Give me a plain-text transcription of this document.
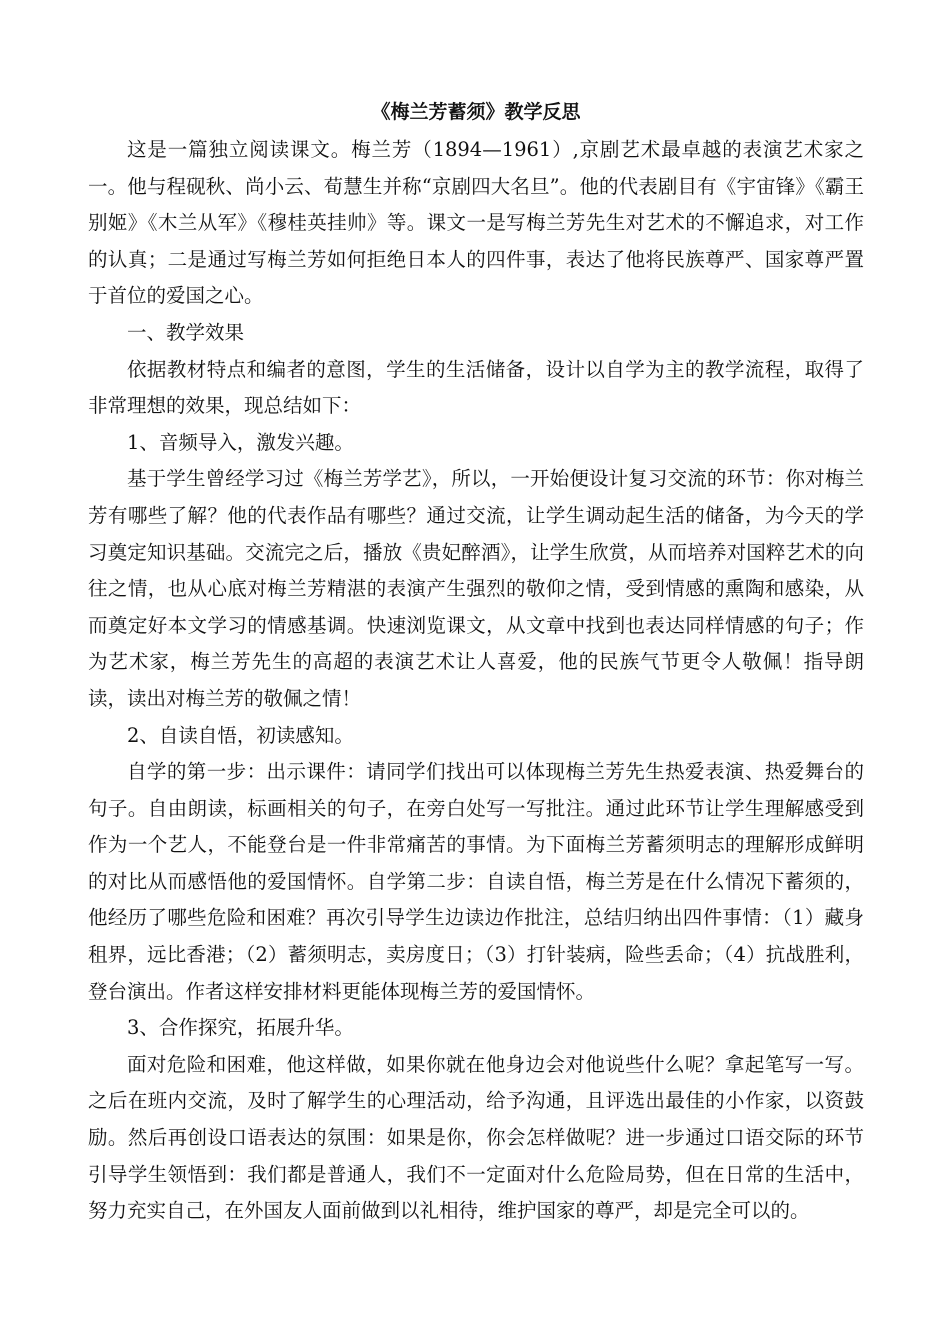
《梅兰芳蓄须》教学反思

这是一篇独立阅读课文。梅兰芳（1894—1961）,京剧艺术最卓越的表演艺术家之一。他与程砚秋、尚小云、荀慧生并称“京剧四大名旦”。他的代表剧目有《宇宙锋》《霸王别姬》《木兰从军》《穆桂英挂帅》等。课文一是写梅兰芳先生对艺术的不懈追求，对工作的认真；二是通过写梅兰芳如何拒绝日本人的四件事，表达了他将民族尊严、国家尊严置于首位的爱国之心。

一、教学效果

依据教材特点和编者的意图，学生的生活储备，设计以自学为主的教学流程，取得了非常理想的效果，现总结如下：

1、音频导入，激发兴趣。

基于学生曾经学习过《梅兰芳学艺》，所以，一开始便设计复习交流的环节：你对梅兰芳有哪些了解？他的代表作品有哪些？通过交流，让学生调动起生活的储备，为今天的学习奠定知识基础。交流完之后，播放《贵妃醉酒》，让学生欣赏，从而培养对国粹艺术的向往之情，也从心底对梅兰芳精湛的表演产生强烈的敬仰之情，受到情感的熏陶和感染，从而奠定好本文学习的情感基调。快速浏览课文，从文章中找到也表达同样情感的句子；作为艺术家，梅兰芳先生的高超的表演艺术让人喜爱，他的民族气节更令人敬佩！指导朗读，读出对梅兰芳的敬佩之情！

2、自读自悟，初读感知。

自学的第一步：出示课件：请同学们找出可以体现梅兰芳先生热爱表演、热爱舞台的句子。自由朗读，标画相关的句子，在旁白处写一写批注。通过此环节让学生理解感受到作为一个艺人，不能登台是一件非常痛苦的事情。为下面梅兰芳蓄须明志的理解形成鲜明的对比从而感悟他的爱国情怀。自学第二步：自读自悟，梅兰芳是在什么情况下蓄须的，他经历了哪些危险和困难？再次引导学生边读边作批注，总结归纳出四件事情：（1）藏身租界，远比香港；（2）蓄须明志，卖房度日；（3）打针装病，险些丢命；（4）抗战胜利，登台演出。作者这样安排材料更能体现梅兰芳的爱国情怀。

3、合作探究，拓展升华。

面对危险和困难，他这样做，如果你就在他身边会对他说些什么呢？拿起笔写一写。之后在班内交流，及时了解学生的心理活动，给予沟通，且评选出最佳的小作家，以资鼓励。然后再创设口语表达的氛围：如果是你，你会怎样做呢？进一步通过口语交际的环节引导学生领悟到：我们都是普通人，我们不一定面对什么危险局势，但在日常的生活中，努力充实自己，在外国友人面前做到以礼相待，维护国家的尊严，却是完全可以的。
